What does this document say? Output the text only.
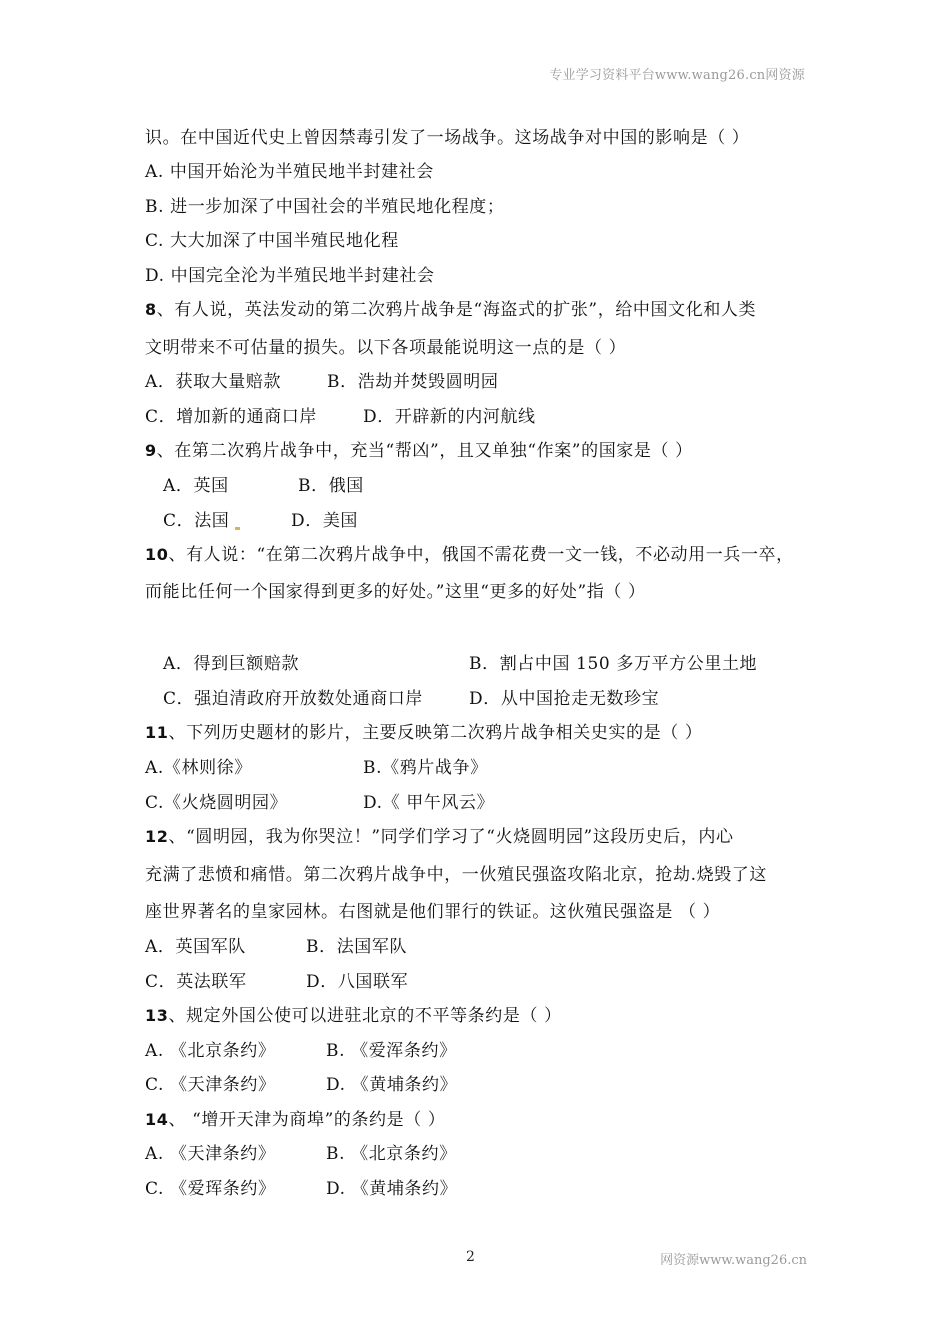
专业学习资料平台www.wang26.cn网资源
识。在中国近代史上曾因禁毒引发了一场战争。这场战争对中国的影响是（ ）
A. 中国开始沦为半殖民地半封建社会
B. 进一步加深了中国社会的半殖民地化程度；
C. 大大加深了中国半殖民地化程
D. 中国完全沦为半殖民地半封建社会
8、有人说，英法发动的第二次鸦片战争是“海盗式的扩张”，给中国文化和人类
文明带来不可估量的损失。以下各项最能说明这一点的是（ ）
A．获取大量赔款	B．浩劫并焚毁圆明园
C．增加新的通商口岸	D．开辟新的内河航线
9、在第二次鸦片战争中，充当“帮凶”，且又单独“作案”的国家是（ ）
A．英国	B．俄国
C．法国	D．美国
10、有人说：“在第二次鸦片战争中，俄国不需花费一文一钱，不必动用一兵一卒，
而能比任何一个国家得到更多的好处。”这里“更多的好处”指（ ）
A．得到巨额赔款	B．割占中国 150 多万平方公里土地
C．强迫清政府开放数处通商口岸	D．从中国抢走无数珍宝
11、下列历史题材的影片，主要反映第二次鸦片战争相关史实的是（ ）
A.《林则徐》	B.《鸦片战争》
C.《火烧圆明园》	D.《 甲午风云》
12、“圆明园，我为你哭泣！”同学们学习了“火烧圆明园”这段历史后，内心
充满了悲愤和痛惜。第二次鸦片战争中，一伙殖民强盗攻陷北京，抢劫.烧毁了这
座世界著名的皇家园林。右图就是他们罪行的铁证。这伙殖民强盗是 （ ）
A．英国军队	B．法国军队
C．英法联军	D．八国联军
13、规定外国公使可以进驻北京的不平等条约是（ ）
A. 《北京条约》	B. 《爱浑条约》
C. 《天津条约》	D. 《黄埔条约》
14、 “增开天津为商埠”的条约是（ ）
A. 《天津条约》	B. 《北京条约》
C. 《爱珲条约》	D. 《黄埔条约》
2	网资源www.wang26.cn
